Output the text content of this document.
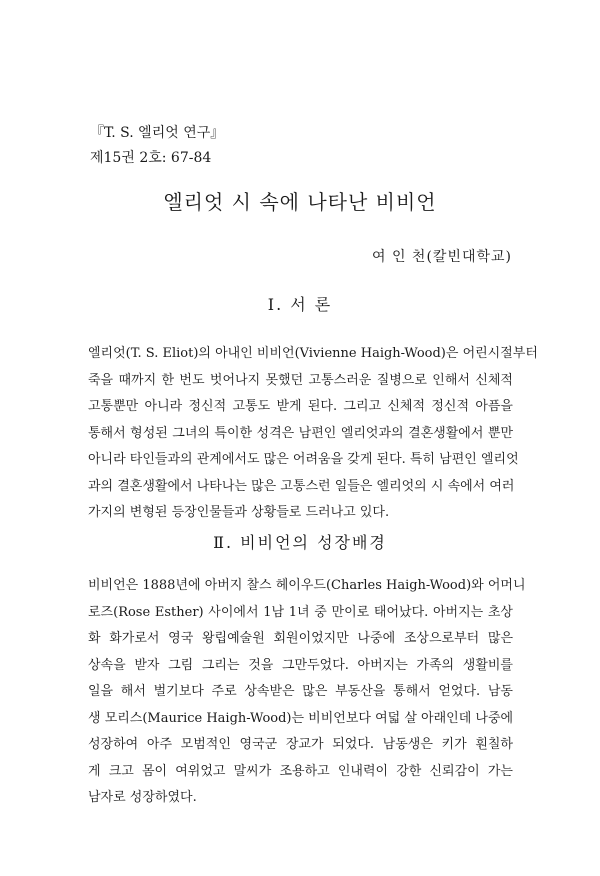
『T. S. 엘리엇 연구』
제15권 2호: 67-84
엘리엇 시 속에 나타난 비비언
여 인 천(칼빈대학교)
Ⅰ. 서 론
엘리엇(T. S. Eliot)의 아내인 비비언(Vivienne Haigh-Wood)은 어린시절부터
죽을 때까지 한 번도 벗어나지 못했던 고통스러운 질병으로 인해서 신체적
고통뿐만 아니라 정신적 고통도 받게 된다. 그리고 신체적 정신적 아픔을
통해서 형성된 그녀의 특이한 성격은 남편인 엘리엇과의 결혼생활에서 뿐만
아니라 타인들과의 관계에서도 많은 어려움을 갖게 된다. 특히 남편인 엘리엇
과의 결혼생활에서 나타나는 많은 고통스런 일들은 엘리엇의 시 속에서 여러
가지의 변형된 등장인물들과 상황들로 드러나고 있다.
Ⅱ. 비비언의 성장배경
비비언은 1888년에 아버지 찰스 헤이우드(Charles Haigh-Wood)와 어머니
로즈(Rose Esther) 사이에서 1남 1녀 중 만이로 태어났다. 아버지는 초상
화 화가로서 영국 왕립예술원 회원이었지만 나중에 조상으로부터 많은
상속을 받자 그림 그리는 것을 그만두었다. 아버지는 가족의 생활비를
일을 해서 벌기보다 주로 상속받은 많은 부동산을 통해서 얻었다. 남동
생 모리스(Maurice Haigh-Wood)는 비비언보다 여덟 살 아래인데 나중에
성장하여 아주 모범적인 영국군 장교가 되었다. 남동생은 키가 훤칠하
게 크고 몸이 여위었고 말씨가 조용하고 인내력이 강한 신뢰감이 가는
남자로 성장하였다.
